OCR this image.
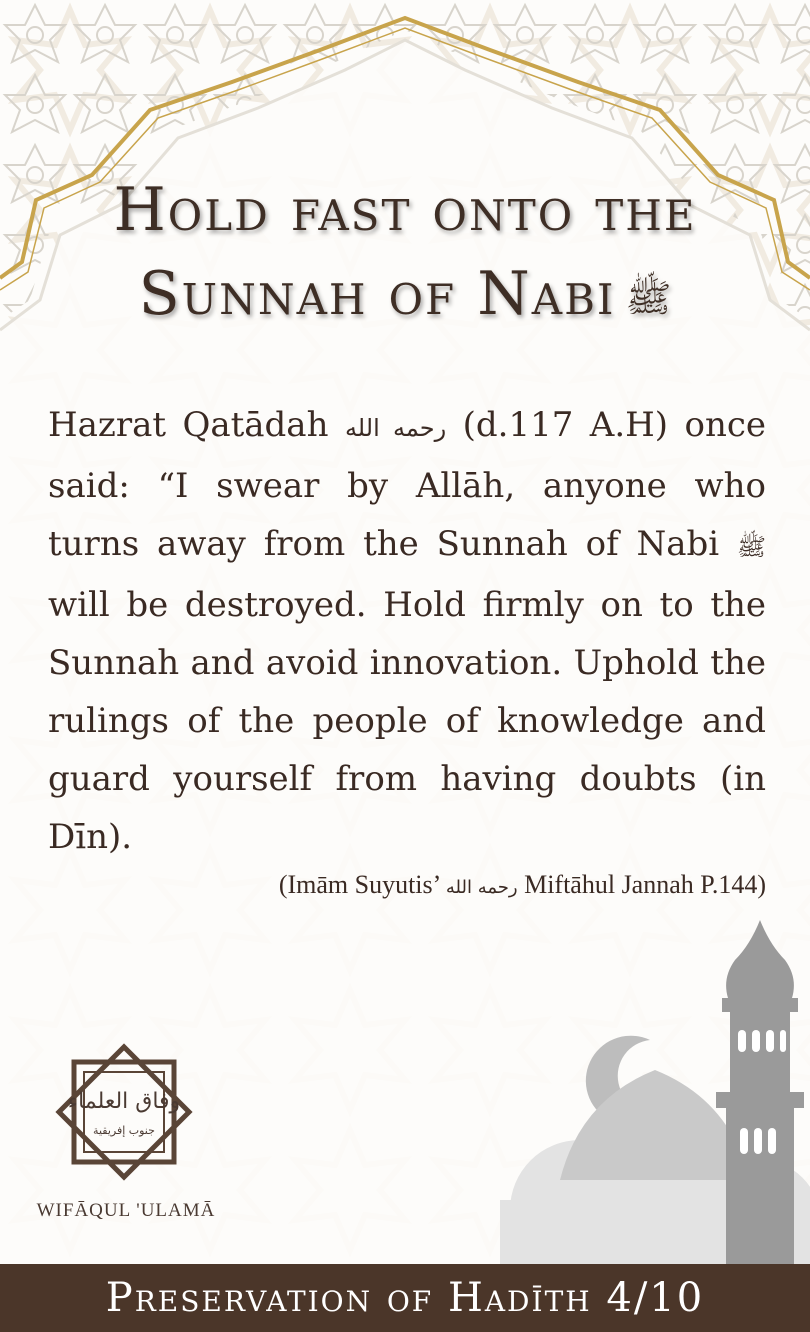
Hold fast onto the
Sunnah of Nabi ﷺ
Hazrat Qatādah رحمه الله (d.117 A.H) once said: “I swear by Allāh, anyone who turns away from the Sunnah of Nabi ﷺ will be destroyed. Hold firmly on to the Sunnah and avoid innovation. Uphold the rulings of the people of knowledge and guard yourself from having doubts (in Dīn).
(Imām Suyutis’ رحمه الله Miftāhul Jannah P.144)
وفاق العلماء
جنوب إفريقية
WIFĀQUL 'ULAMĀ
Preservation of Hadīth 4/10
